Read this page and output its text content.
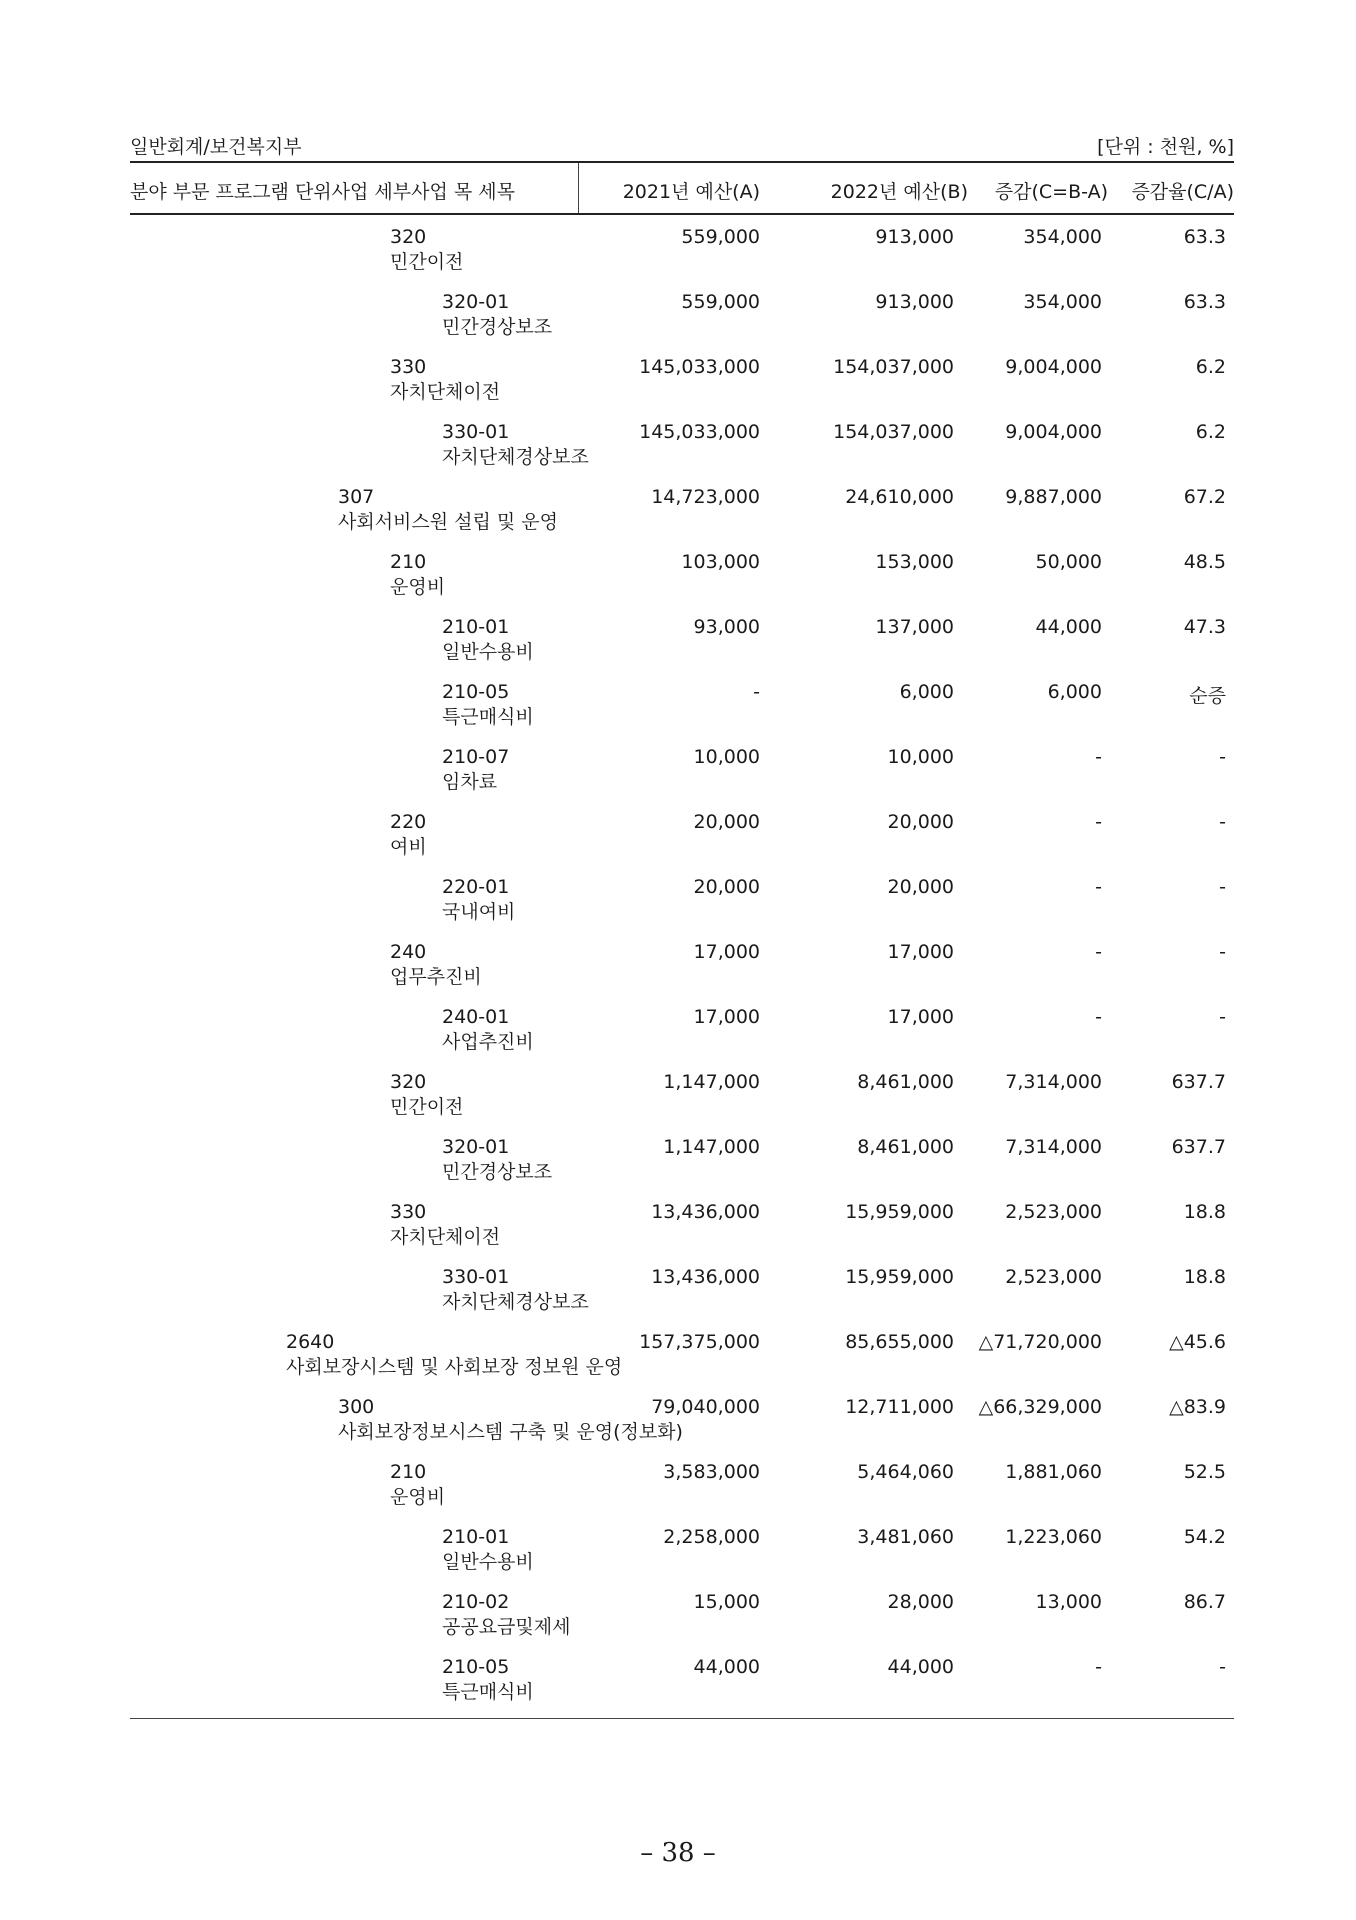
일반회계/보건복지부	[단위 : 천원, %]
분야 부문 프로그램 단위사업 세부사업 목 세목	2021년 예산(A)	2022년 예산(B) 증감(C=B-A) 증감율(C/A)
320
민간이전
559,000	913,000	354,000	63.3
320-01
민간경상보조
559,000	913,000	354,000	63.3
330
자치단체이전
145,033,000	154,037,000	9,004,000	6.2
330-01
자치단체경상보조
145,033,000	154,037,000	9,004,000	6.2
307
사회서비스원 설립 및 운영
14,723,000	24,610,000	9,887,000	67.2
210
운영비
103,000	153,000	50,000	48.5
210-01
일반수용비
93,000	137,000	44,000	47.3
210-05
특근매식비
-	6,000	6,000	순증
210-07
임차료
10,000	10,000	-	-
220
여비
20,000	20,000	-	-
220-01
국내여비
20,000	20,000	-	-
240
업무추진비
17,000	17,000	-	-
240-01
사업추진비
17,000	17,000	-	-
320
민간이전
1,147,000	8,461,000	7,314,000	637.7
320-01
민간경상보조
1,147,000	8,461,000	7,314,000	637.7
330
자치단체이전
13,436,000	15,959,000	2,523,000	18.8
330-01
자치단체경상보조
13,436,000	15,959,000	2,523,000	18.8
2640
사회보장시스템 및 사회보장 정보원 운영
157,375,000	85,655,000 △71,720,000	△45.6
300
사회보장정보시스템 구축 및 운영(정보화)
79,040,000	12,711,000 △66,329,000	△83.9
210
운영비
3,583,000	5,464,060	1,881,060	52.5
210-01
일반수용비
2,258,000	3,481,060	1,223,060	54.2
210-02
공공요금및제세
15,000	28,000	13,000	86.7
210-05
특근매식비
44,000	44,000	-	-
– 38 –
